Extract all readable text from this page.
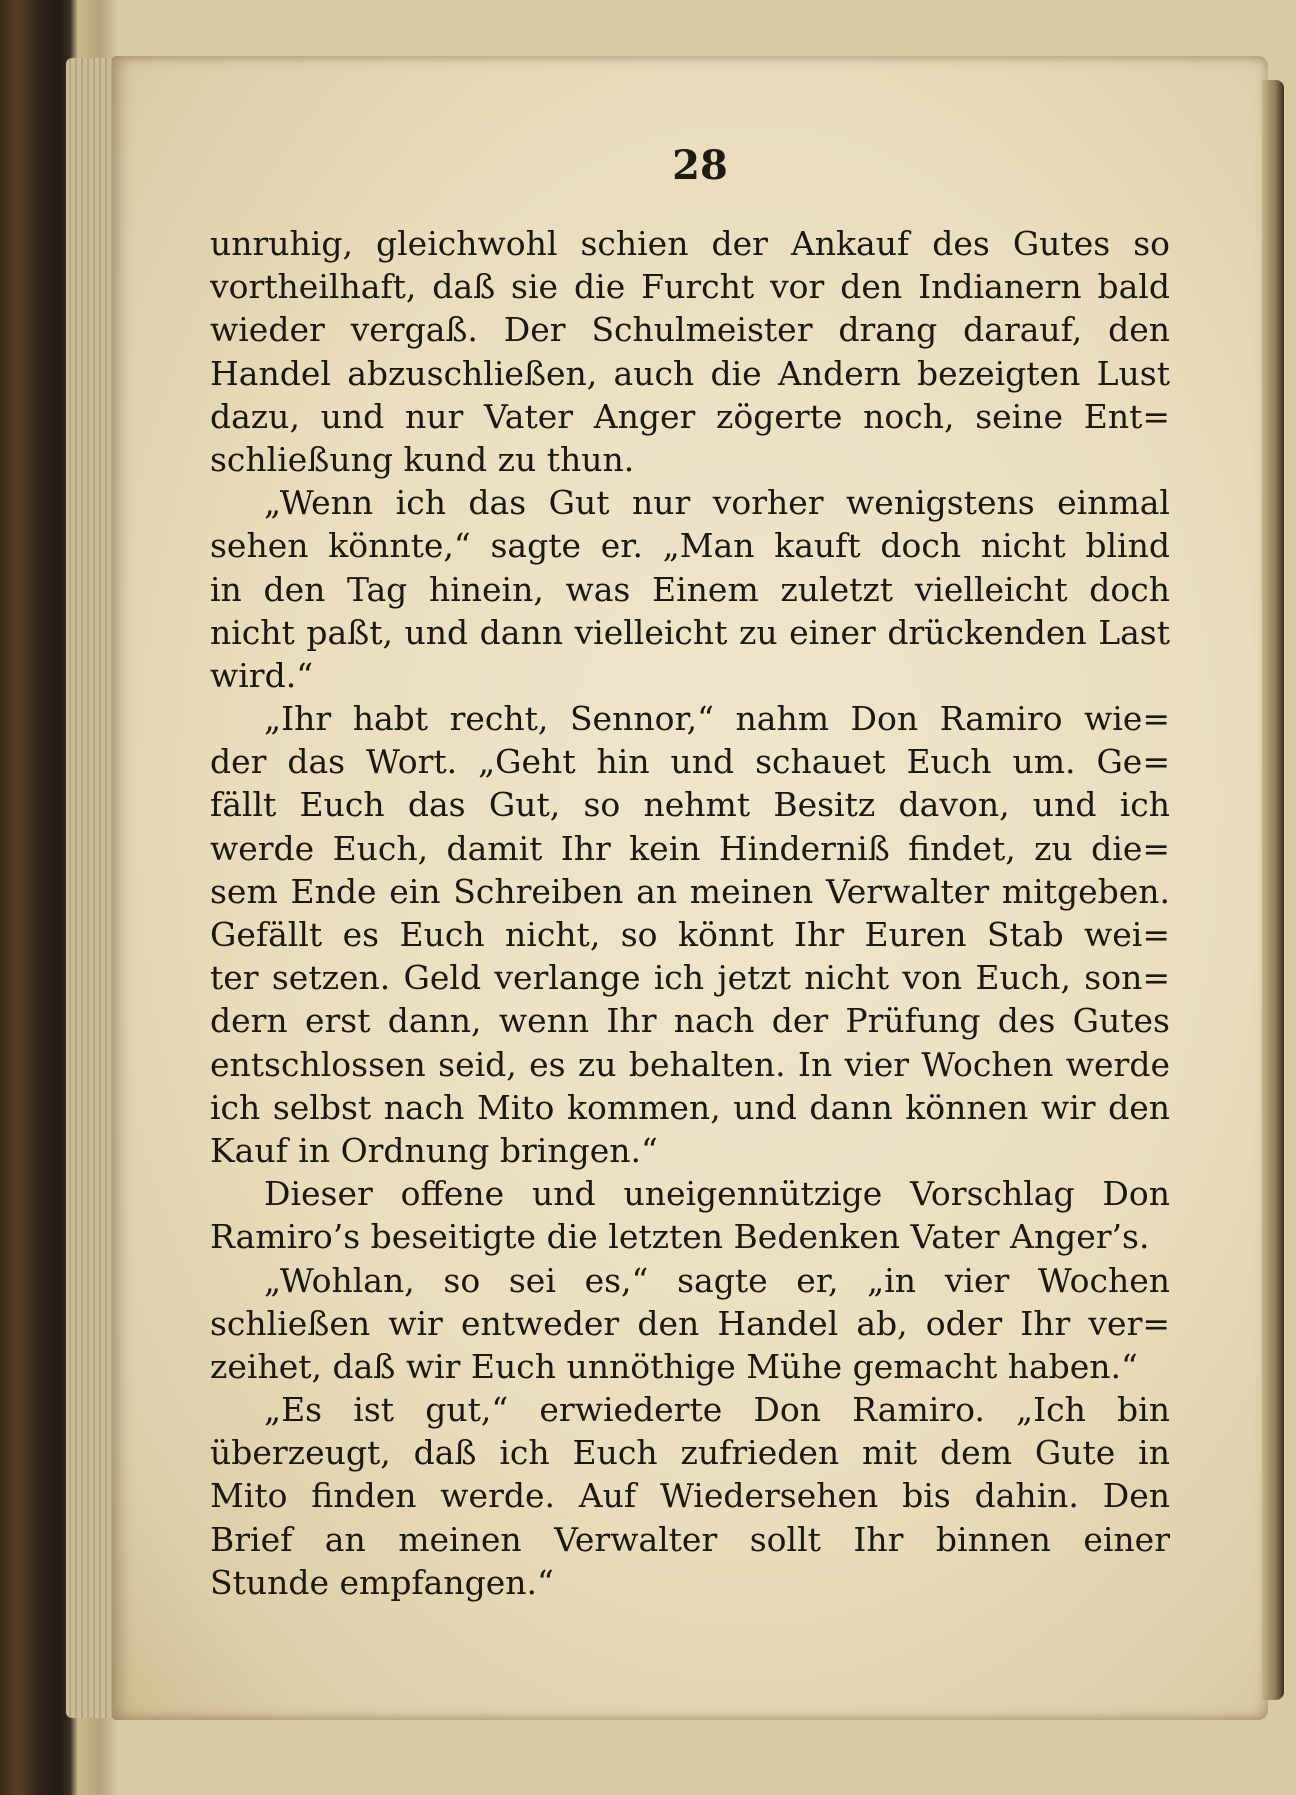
28
unruhig, gleichwohl schien der Ankauf des Gutes so
vortheilhaft, daß sie die Furcht vor den Indianern bald
wieder vergaß. Der Schulmeister drang darauf, den
Handel abzuschließen, auch die Andern bezeigten Lust
dazu, und nur Vater Anger zögerte noch, seine Ent=
schließung kund zu thun.
„Wenn ich das Gut nur vorher wenigstens einmal
sehen könnte,“ sagte er. „Man kauft doch nicht blind
in den Tag hinein, was Einem zuletzt vielleicht doch
nicht paßt, und dann vielleicht zu einer drückenden Last
wird.“
„Ihr habt recht, Sennor,“ nahm Don Ramiro wie=
der das Wort. „Geht hin und schauet Euch um. Ge=
fällt Euch das Gut, so nehmt Besitz davon, und ich
werde Euch, damit Ihr kein Hinderniß findet, zu die=
sem Ende ein Schreiben an meinen Verwalter mitgeben.
Gefällt es Euch nicht, so könnt Ihr Euren Stab wei=
ter setzen. Geld verlange ich jetzt nicht von Euch, son=
dern erst dann, wenn Ihr nach der Prüfung des Gutes
entschlossen seid, es zu behalten. In vier Wochen werde
ich selbst nach Mito kommen, und dann können wir den
Kauf in Ordnung bringen.“
Dieser offene und uneigennützige Vorschlag Don
Ramiro’s beseitigte die letzten Bedenken Vater Anger’s.
„Wohlan, so sei es,“ sagte er, „in vier Wochen
schließen wir entweder den Handel ab, oder Ihr ver=
zeihet, daß wir Euch unnöthige Mühe gemacht haben.“
„Es ist gut,“ erwiederte Don Ramiro. „Ich bin
überzeugt, daß ich Euch zufrieden mit dem Gute in
Mito finden werde. Auf Wiedersehen bis dahin. Den
Brief an meinen Verwalter sollt Ihr binnen einer
Stunde empfangen.“
